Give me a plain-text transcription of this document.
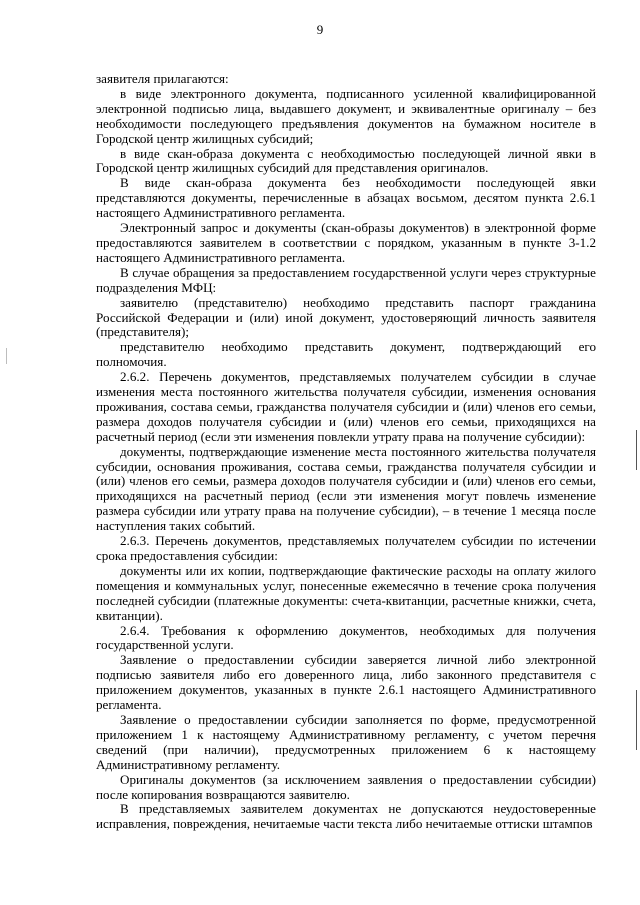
9

заявителя прилагаются:

в виде электронного документа, подписанного усиленной квалифицированной электронной подписью лица, выдавшего документ, и эквивалентные оригиналу – без необходимости последующего предъявления документов на бумажном носителе в Городской центр жилищных субсидий;

в виде скан-образа документа с необходимостью последующей личной явки в Городской центр жилищных субсидий для представления оригиналов.

В виде скан-образа документа без необходимости последующей явки представляются документы, перечисленные в абзацах восьмом, десятом пункта 2.6.1 настоящего Административного регламента.

Электронный запрос и документы (скан-образы документов) в электронной форме предоставляются заявителем в соответствии с порядком, указанным в пункте 3-1.2 настоящего Административного регламента.

В случае обращения за предоставлением государственной услуги через структурные подразделения МФЦ:

заявителю (представителю) необходимо представить паспорт гражданина Российской Федерации и (или) иной документ, удостоверяющий личность заявителя (представителя);

представителю необходимо представить документ, подтверждающий его полномочия.

2.6.2. Перечень документов, представляемых получателем субсидии в случае изменения места постоянного жительства получателя субсидии, изменения основания проживания, состава семьи, гражданства получателя субсидии и (или) членов его семьи, размера доходов получателя субсидии и (или) членов его семьи, приходящихся на расчетный период (если эти изменения повлекли утрату права на получение субсидии):

документы, подтверждающие изменение места постоянного жительства получателя субсидии, основания проживания, состава семьи, гражданства получателя субсидии и (или) членов его семьи, размера доходов получателя субсидии и (или) членов его семьи, приходящихся на расчетный период (если эти изменения могут повлечь изменение размера субсидии или утрату права на получение субсидии), – в течение 1 месяца после наступления таких событий.

2.6.3. Перечень документов, представляемых получателем субсидии по истечении срока предоставления субсидии:

документы или их копии, подтверждающие фактические расходы на оплату жилого помещения и коммунальных услуг, понесенные ежемесячно в течение срока получения последней субсидии (платежные документы: счета-квитанции, расчетные книжки, счета, квитанции).

2.6.4. Требования к оформлению документов, необходимых для получения государственной услуги.

Заявление о предоставлении субсидии заверяется личной либо электронной подписью заявителя либо его доверенного лица, либо законного представителя с приложением документов, указанных в пункте 2.6.1 настоящего Административного регламента.

Заявление о предоставлении субсидии заполняется по форме, предусмотренной приложением 1 к настоящему Административному регламенту, с учетом перечня сведений (при наличии), предусмотренных приложением 6 к настоящему Административному регламенту.

Оригиналы документов (за исключением заявления о предоставлении субсидии) после копирования возвращаются заявителю.

В представляемых заявителем документах не допускаются неудостоверенные исправления, повреждения, нечитаемые части текста либо нечитаемые оттиски штампов
